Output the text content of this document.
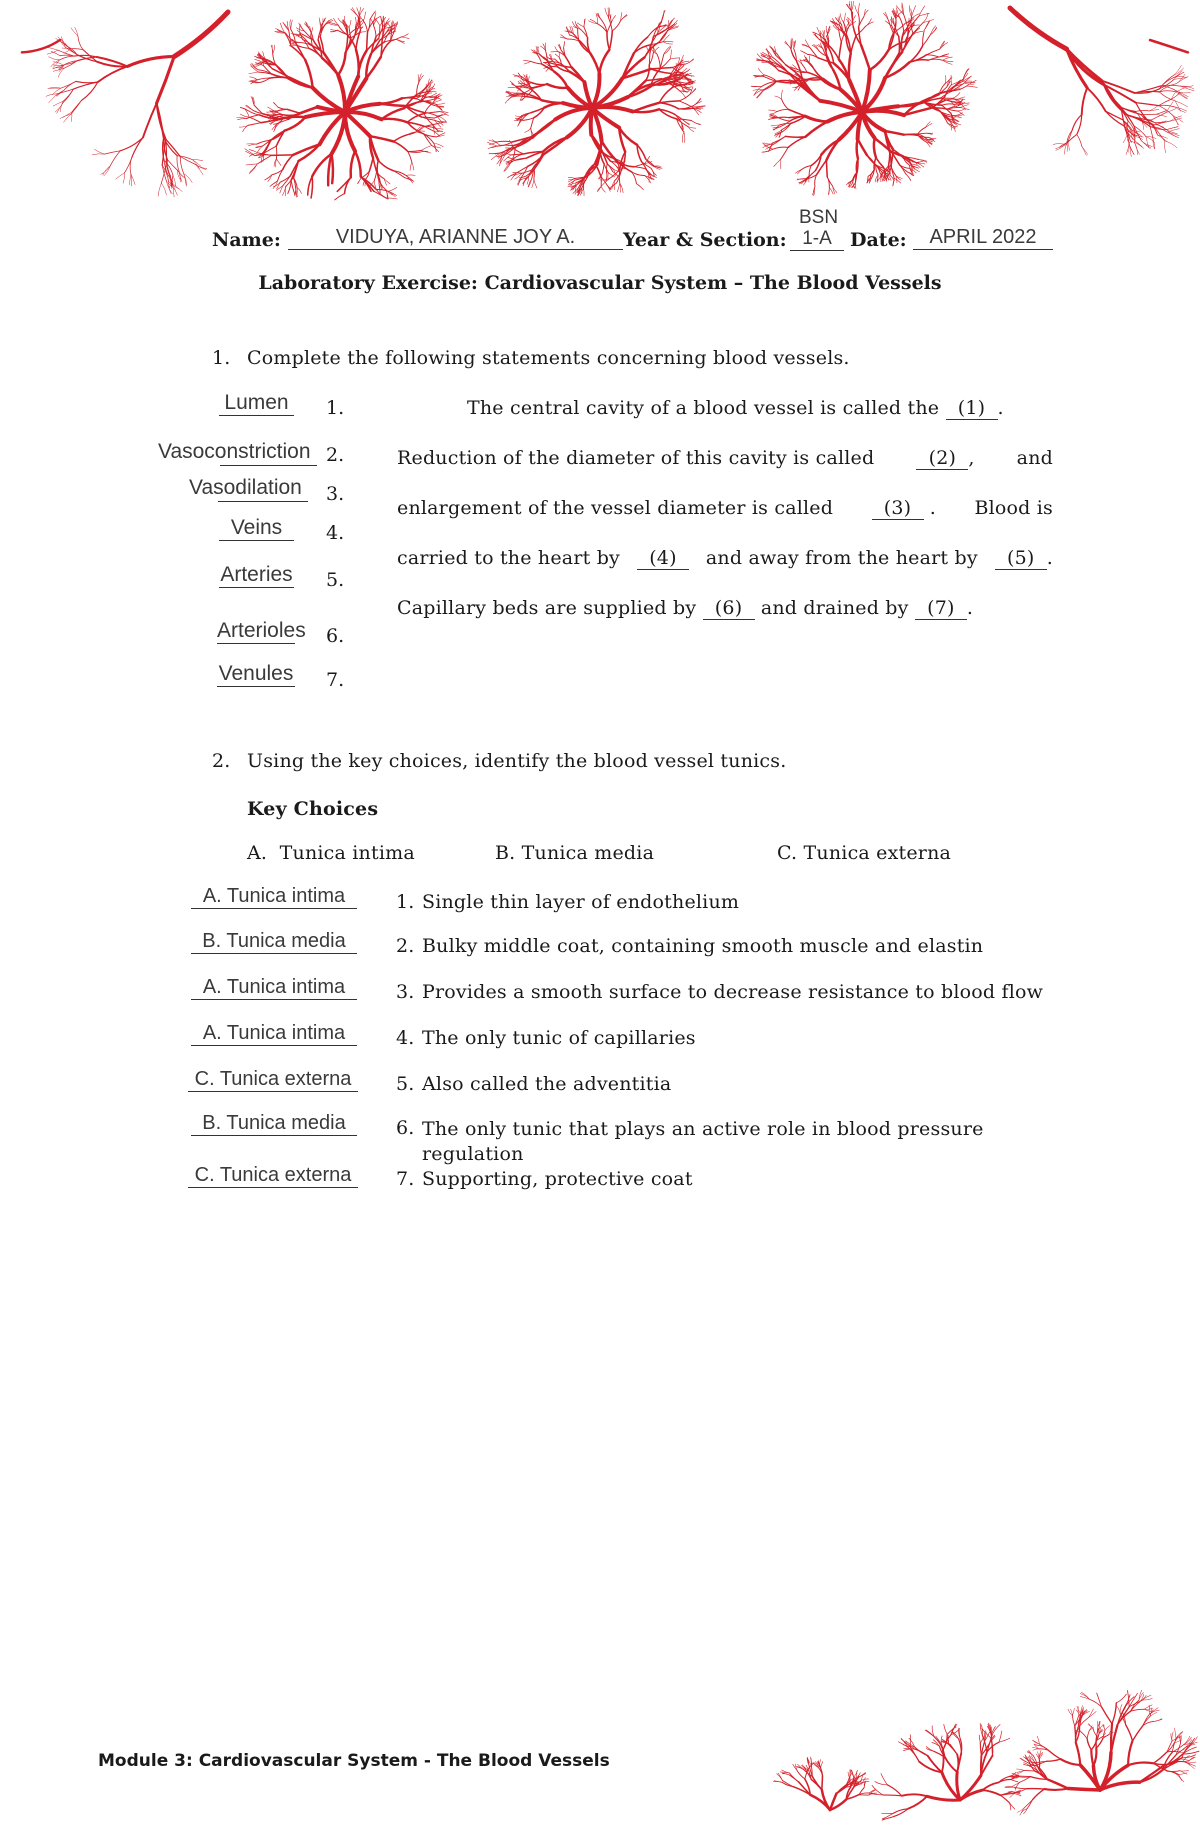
Name:	VIDUYA, ARIANNE JOY A.	Year & Section:
BSN
1-A Date:	APRIL 2022
Laboratory Exercise: Cardiovascular System – The Blood Vessels
1. Complete the following statements concerning blood vessels.
Lumen 1.
Vasoconstriction 2.
Vasodilation 3.
Veins	4.
Arteries 5.
Arterioles 6.
Venules 7.
The central cavity of a blood vessel is called the (1) .
Reduction of the diameter of this cavity is called	(2) , and
enlargement of the vessel diameter is called	(3) . Blood is
carried to the heart by	(4)	and away from the heart by	(5) .
Capillary beds are supplied by (6) and drained by (7) .
2. Using the key choices, identify the blood vessel tunics.
Key Choices
A.  Tunica intima	B. Tunica media	C. Tunica externa
A. Tunica intima	1. Single thin layer of endothelium
B. Tunica media	2. Bulky middle coat, containing smooth muscle and elastin
A. Tunica intima	3. Provides a smooth surface to decrease resistance to blood flow
A. Tunica intima	4. The only tunic of capillaries
C. Tunica externa	5. Also called the adventitia
B. Tunica media	6. The only tunic that plays an active role in blood pressure regulation
C. Tunica externa	7. Supporting, protective coat
Module 3: Cardiovascular System - The Blood Vessels
